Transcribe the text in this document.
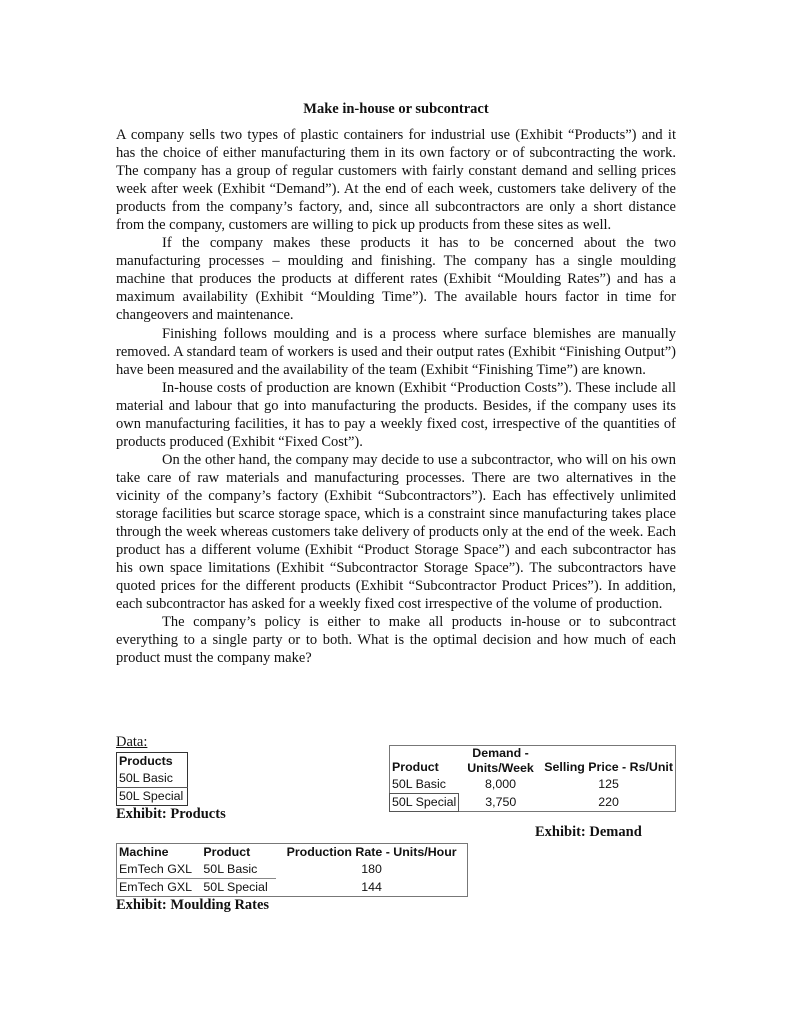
Make in-house or subcontract

A company sells two types of plastic containers for industrial use (Exhibit “Products”) and it has the choice of either manufacturing them in its own factory or of subcontracting the work. The company has a group of regular customers with fairly constant demand and selling prices week after week (Exhibit “Demand”). At the end of each week, customers take delivery of the products from the company’s factory, and, since all subcontractors are only a short distance from the company, customers are willing to pick up products from these sites as well.

If the company makes these products it has to be concerned about the two manufacturing processes – moulding and finishing. The company has a single moulding machine that produces the products at different rates (Exhibit “Moulding Rates”) and has a maximum availability (Exhibit “Moulding Time”). The available hours factor in time for changeovers and maintenance.

Finishing follows moulding and is a process where surface blemishes are manually removed. A standard team of workers is used and their output rates (Exhibit “Finishing Output”) have been measured and the availability of the team (Exhibit “Finishing Time”) are known.

In-house costs of production are known (Exhibit “Production Costs”). These include all material and labour that go into manufacturing the products. Besides, if the company uses its own manufacturing facilities, it has to pay a weekly fixed cost, irrespective of the quantities of products produced (Exhibit “Fixed Cost”).

On the other hand, the company may decide to use a subcontractor, who will on his own take care of raw materials and manufacturing processes. There are two alternatives in the vicinity of the company’s factory (Exhibit “Subcontractors”). Each has effectively unlimited storage facilities but scarce storage space, which is a constraint since manufacturing takes place through the week whereas customers take delivery of products only at the end of the week. Each product has a different volume (Exhibit “Product Storage Space”) and each subcontractor has his own space limitations (Exhibit “Subcontractor Storage Space”). The subcontractors have quoted prices for the different products (Exhibit “Subcontractor Product Prices”). In addition, each subcontractor has asked for a weekly fixed cost irrespective of the volume of production.

The company’s policy is either to make all products in-house or to subcontract everything to a single party or to both. What is the optimal decision and how much of each product must the company make?

Data:
Products
50L Basic
50L Special
Exhibit: Products
Product	Demand - Units/Week	Selling Price - Rs/Unit
50L Basic	8,000	125
50L Special	3,750	220
Exhibit: Demand
Machine	Product	Production Rate - Units/Hour
EmTech GXL	50L Basic	180
EmTech GXL	50L Special	144
Exhibit: Moulding Rates
